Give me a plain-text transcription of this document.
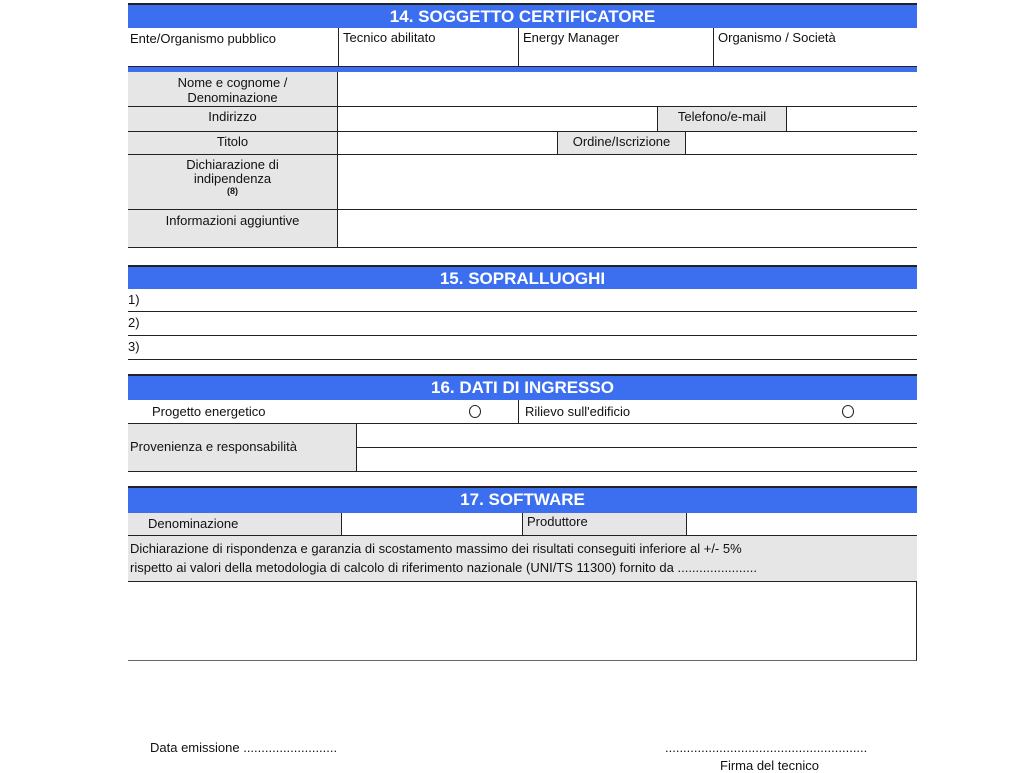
14. SOGGETTO CERTIFICATORE
Ente/Organismo pubblico	Tecnico abilitato	Energy Manager	Organismo / Società
Nome e cognome /
Denominazione
Indirizzo	Telefono/e-mail
Titolo	Ordine/Iscrizione
Dichiarazione di
indipendenza
(8)
Informazioni aggiuntive
15. SOPRALLUOGHI
1)
2)
3)
16. DATI DI INGRESSO
Progetto energetico	Rilievo sull'edificio
Provenienza e responsabilità
17. SOFTWARE
Denominazione	Produttore
Dichiarazione di rispondenza e garanzia di scostamento massimo dei risultati conseguiti inferiore al +/- 5%
rispetto ai valori della metodologia di calcolo di riferimento nazionale (UNI/TS 11300) fornito da ......................
Data emissione ..........................	........................................................
Firma del tecnico
